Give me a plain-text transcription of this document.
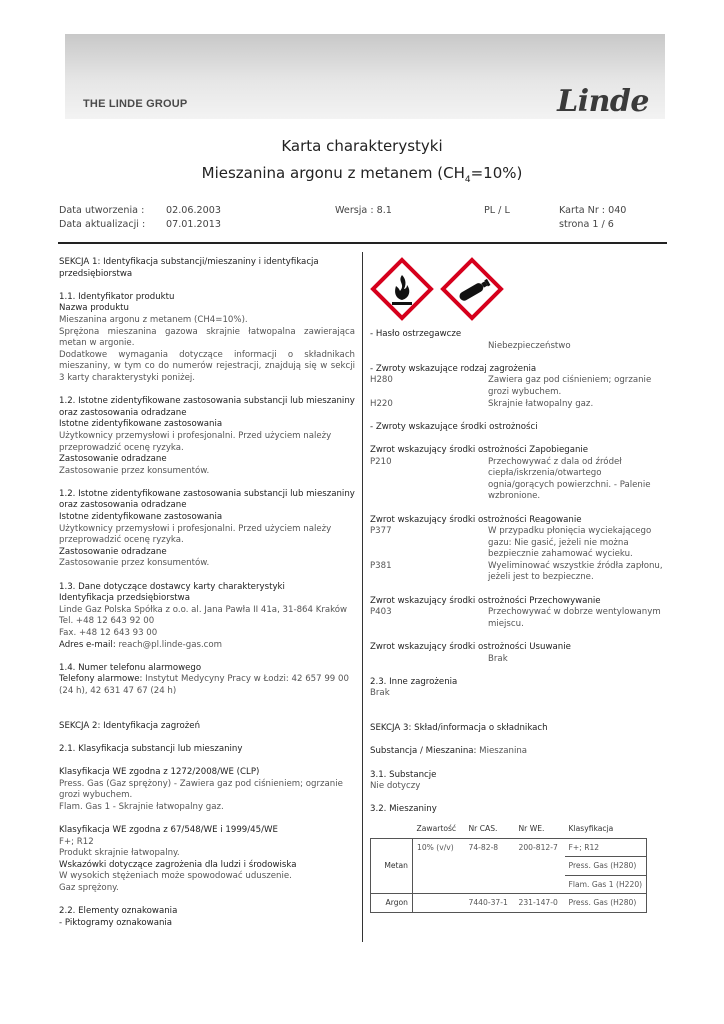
THE LINDE GROUP	Linde
Karta charakterystyki
Mieszanina argonu z metanem $(CH_4=10\%)$
Data utworzenia : 02.06.2003
Data aktualizacji : 07.01.2013
Wersja : 8.1	PL / L	Karta Nr : 040
strona 1 / 6

SEKCJA 1: Identyfikacja substancji/mieszaniny i identyfikacja

przedsiębiorstwa

1.1. Identyfikator produktu

Nazwa produktu

Mieszanina argonu z metanem (CH4=10%).

Sprężona mieszanina gazowa skrajnie łatwopalna zawierająca metan w argonie.

Dodatkowe wymagania dotyczące informacji o składnikach mieszaniny, w tym co do numerów rejestracji, znajdują się w sekcji 3 karty charakterystyki poniżej.

1.2. Istotne zidentyfikowane zastosowania substancji lub mieszaniny

oraz zastosowania odradzane

Istotne zidentyfikowane zastosowania

Użytkownicy przemysłowi i profesjonalni. Przed użyciem należy przeprowadzić ocenę ryzyka.

Zastosowanie odradzane

Zastosowanie przez konsumentów.

1.2. Istotne zidentyfikowane zastosowania substancji lub mieszaniny

oraz zastosowania odradzane

Istotne zidentyfikowane zastosowania

Użytkownicy przemysłowi i profesjonalni. Przed użyciem należy przeprowadzić ocenę ryzyka.

Zastosowanie odradzane

Zastosowanie przez konsumentów.

1.3. Dane dotyczące dostawcy karty charakterystyki

Identyfikacja przedsiębiorstwa

Linde Gaz Polska Spółka z o.o. al. Jana Pawła II 41a, 31-864 Kraków

Tel. +48 12 643 92 00

Fax. +48 12 643 93 00

Adres e-mail: reach@pl.linde-gas.com

1.4. Numer telefonu alarmowego

Telefony alarmowe: Instytut Medycyny Pracy w Łodzi: 42 657 99 00 (24 h), 42 631 47 67 (24 h)

SEKCJA 2: Identyfikacja zagrożeń

2.1. Klasyfikacja substancji lub mieszaniny

Klasyfikacja WE zgodna z 1272/2008/WE (CLP)

Press. Gas (Gaz sprężony) - Zawiera gaz pod ciśnieniem; ogrzanie grozi wybuchem.

Flam. Gas 1 - Skrajnie łatwopalny gaz.

Klasyfikacja WE zgodna z 67/548/WE i 1999/45/WE

F+; R12

Produkt skrajnie łatwopalny.

Wskazówki dotyczące zagrożenia dla ludzi i środowiska

W wysokich stężeniach może spowodować uduszenie.

Gaz sprężony.

2.2. Elementy oznakowania

- Piktogramy oznakowania

- Hasło ostrzegawcze

Niebezpieczeństwo

- Zwroty wskazujące rodzaj zagrożenia

H280	Zawiera gaz pod ciśnieniem; ogrzanie grozi wybuchem.
H220	Skrajnie łatwopalny gaz.

- Zwroty wskazujące środki ostrożności

Zwrot wskazujący środki ostrożności Zapobieganie

P210	Przechowywać z dala od źródeł ciepła/iskrzenia/otwartego ognia/gorących powierzchni. - Palenie wzbronione.

Zwrot wskazujący środki ostrożności Reagowanie

P377	W przypadku płonięcia wyciekającego gazu: Nie gasić, jeżeli nie można bezpiecznie zahamować wycieku.
P381	Wyeliminować wszystkie źródła zapłonu, jeżeli jest to bezpieczne.

Zwrot wskazujący środki ostrożności Przechowywanie

P403	Przechowywać w dobrze wentylowanym miejscu.

Zwrot wskazujący środki ostrożności Usuwanie

Brak

2.3. Inne zagrożenia

Brak

SEKCJA 3: Skład/informacja o składnikach

Substancja / Mieszanina: Mieszanina

3.1. Substancje

Nie dotyczy

3.2. Mieszaniny

	Zawartość	Nr CAS.	Nr WE.	Klasyfikacja
Metan	10% (v/v)	74-82-8	200-812-7	F+; R12
				Press. Gas (H280)
				Flam. Gas 1 (H220)
Argon		7440-37-1	231-147-0	Press. Gas (H280)
